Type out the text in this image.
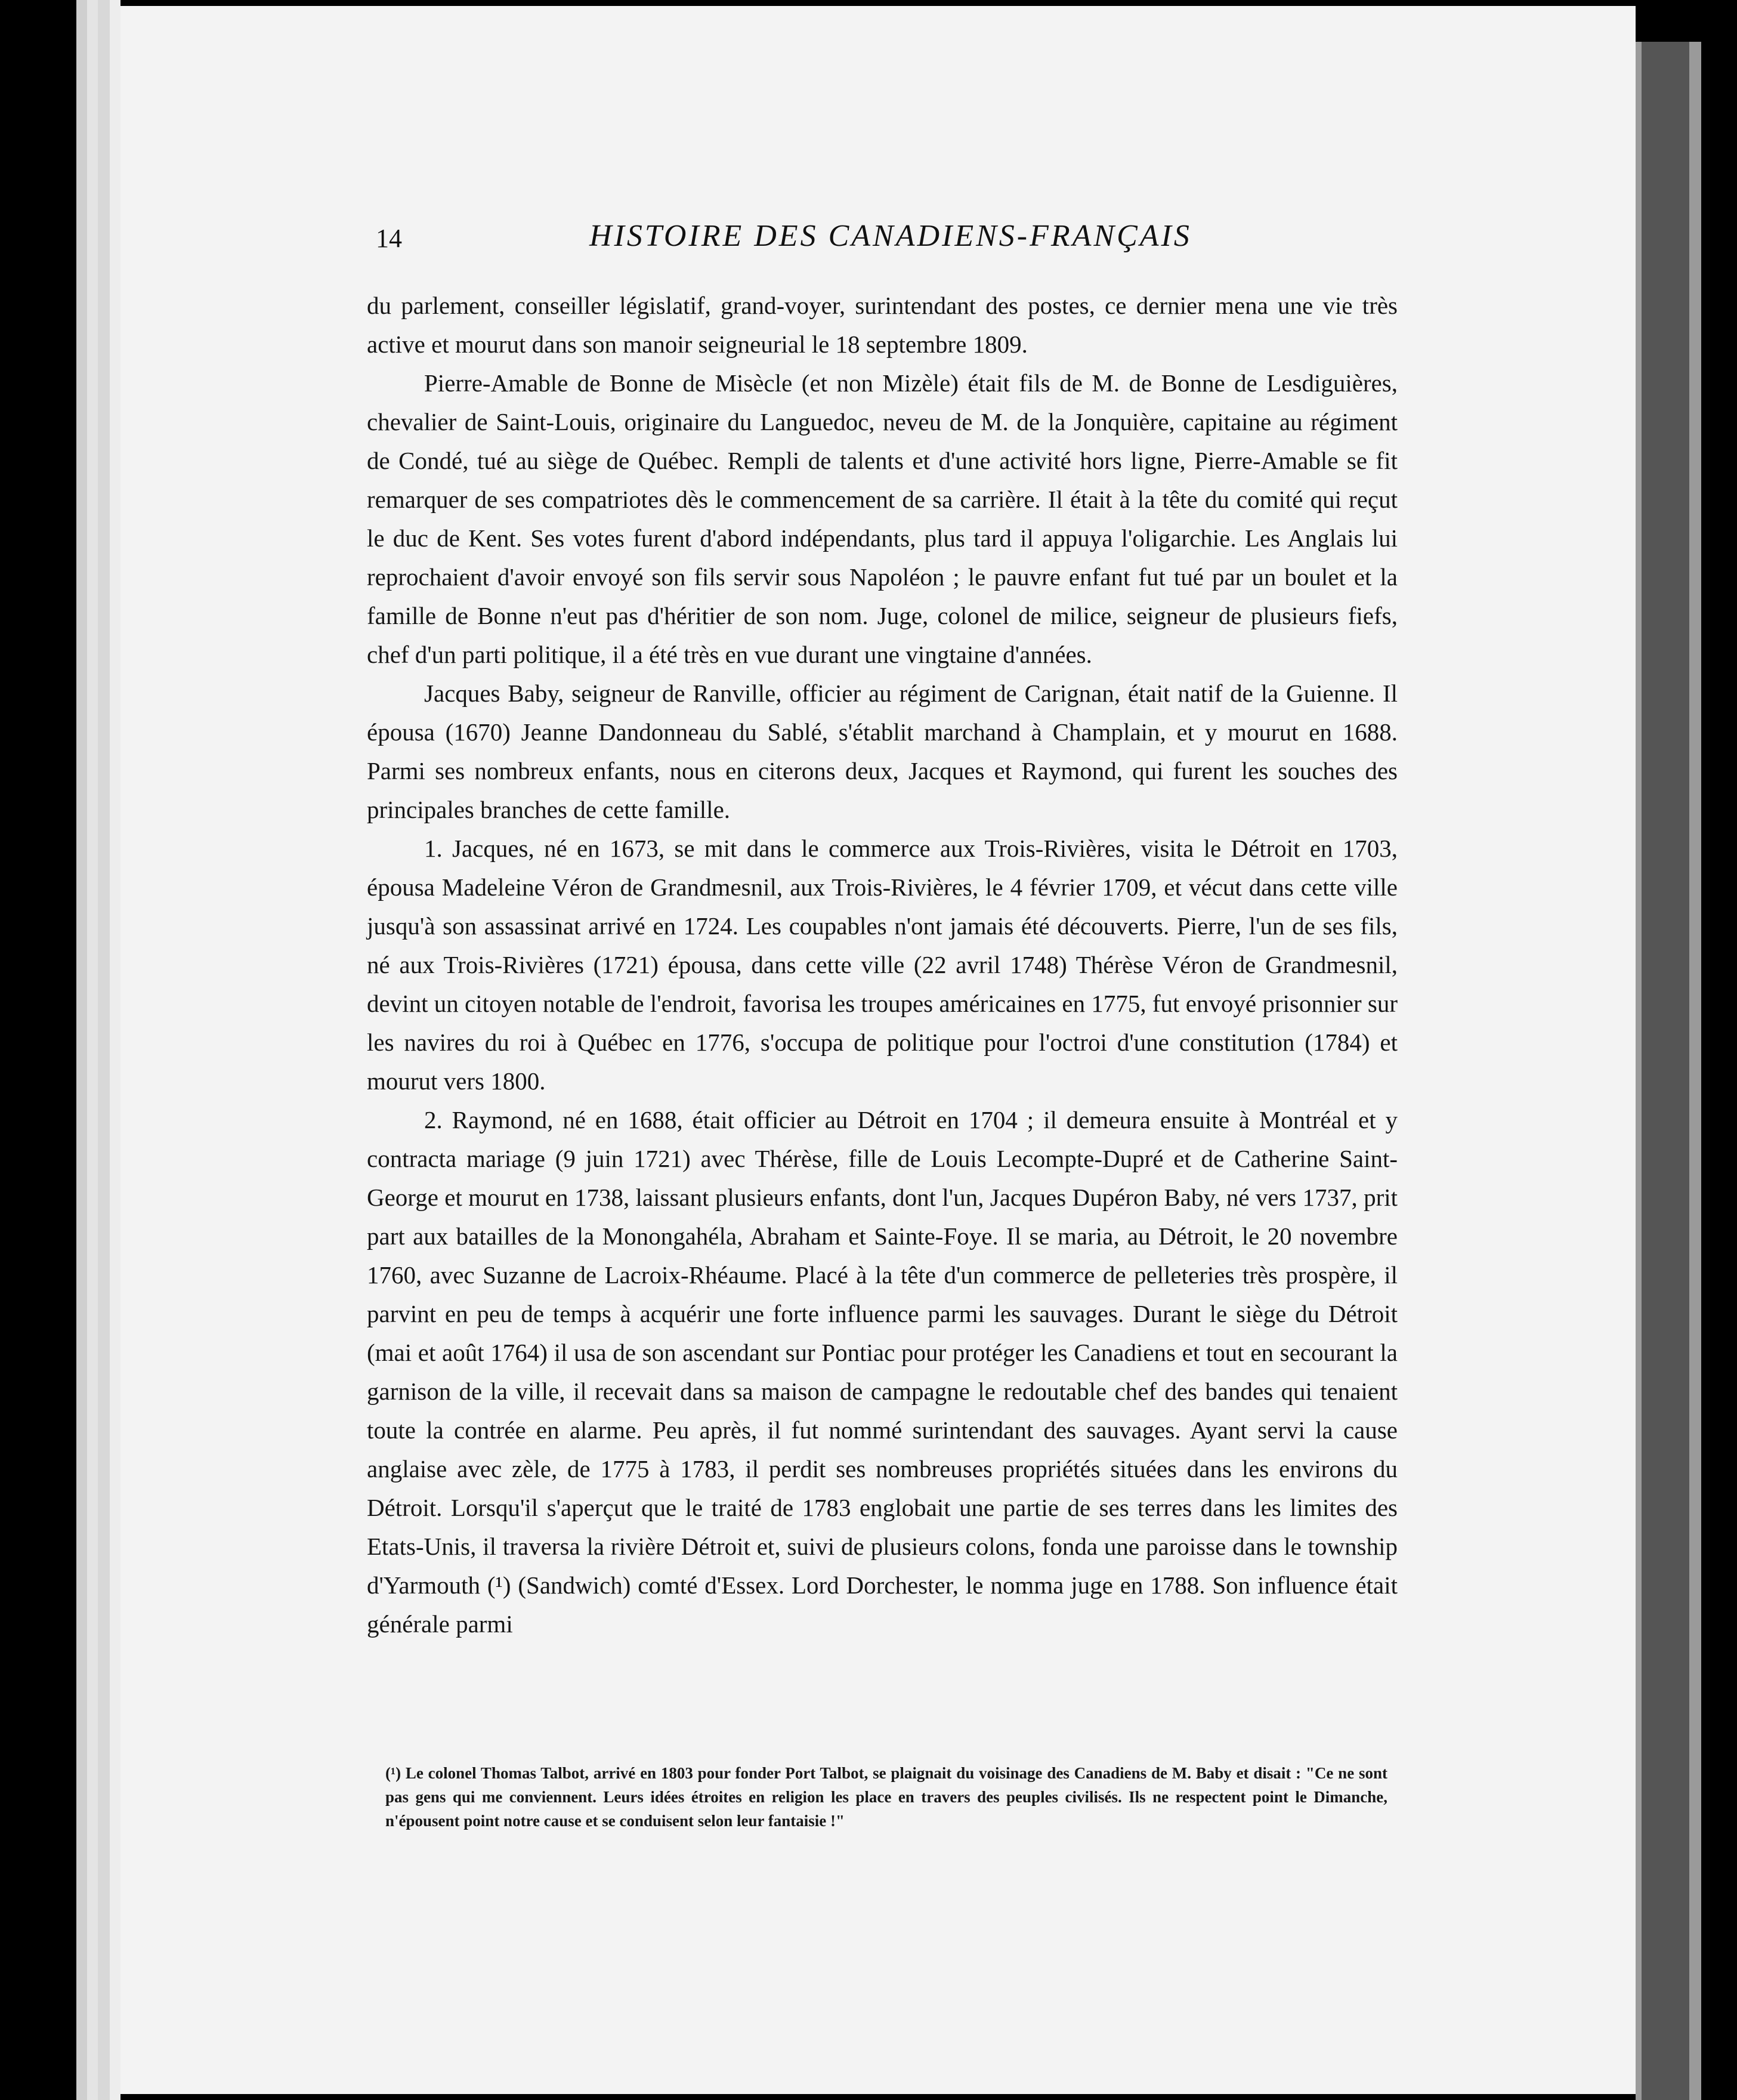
14	HISTOIRE DES CANADIENS-FRANÇAIS

du parlement, conseiller législatif, grand-voyer, surintendant des postes, ce dernier mena une vie très active et mourut dans son manoir seigneurial le 18 septembre 1809.

Pierre-Amable de Bonne de Misècle (et non Mizèle) était fils de M. de Bonne de Lesdiguières, chevalier de Saint-Louis, originaire du Languedoc, neveu de M. de la Jonquière, capitaine au régiment de Condé, tué au siège de Québec. Rempli de talents et d'une activité hors ligne, Pierre-Amable se fit remarquer de ses compatriotes dès le commencement de sa carrière. Il était à la tête du comité qui reçut le duc de Kent. Ses votes furent d'abord indépendants, plus tard il appuya l'oligarchie. Les Anglais lui reprochaient d'avoir envoyé son fils servir sous Napoléon ; le pauvre enfant fut tué par un boulet et la famille de Bonne n'eut pas d'héritier de son nom. Juge, colonel de milice, seigneur de plusieurs fiefs, chef d'un parti politique, il a été très en vue durant une vingtaine d'années.

Jacques Baby, seigneur de Ranville, officier au régiment de Carignan, était natif de la Guienne. Il épousa (1670) Jeanne Dandonneau du Sablé, s'établit marchand à Champlain, et y mourut en 1688. Parmi ses nombreux enfants, nous en citerons deux, Jacques et Raymond, qui furent les souches des principales branches de cette famille.

1. Jacques, né en 1673, se mit dans le commerce aux Trois-Rivières, visita le Détroit en 1703, épousa Madeleine Véron de Grandmesnil, aux Trois-Rivières, le 4 février 1709, et vécut dans cette ville jusqu'à son assassinat arrivé en 1724. Les coupables n'ont jamais été découverts. Pierre, l'un de ses fils, né aux Trois-Rivières (1721) épousa, dans cette ville (22 avril 1748) Thérèse Véron de Grandmesnil, devint un citoyen notable de l'endroit, favorisa les troupes américaines en 1775, fut envoyé prisonnier sur les navires du roi à Québec en 1776, s'occupa de politique pour l'octroi d'une constitution (1784) et mourut vers 1800.

2. Raymond, né en 1688, était officier au Détroit en 1704 ; il demeura ensuite à Montréal et y contracta mariage (9 juin 1721) avec Thérèse, fille de Louis Lecompte-Dupré et de Catherine Saint-George et mourut en 1738, laissant plusieurs enfants, dont l'un, Jacques Dupéron Baby, né vers 1737, prit part aux batailles de la Monongahéla, Abraham et Sainte-Foye. Il se maria, au Détroit, le 20 novembre 1760, avec Suzanne de Lacroix-Rhéaume. Placé à la tête d'un commerce de pelleteries très prospère, il parvint en peu de temps à acquérir une forte influence parmi les sauvages. Durant le siège du Détroit (mai et août 1764) il usa de son ascendant sur Pontiac pour protéger les Canadiens et tout en secourant la garnison de la ville, il recevait dans sa maison de campagne le redoutable chef des bandes qui tenaient toute la contrée en alarme. Peu après, il fut nommé surintendant des sauvages. Ayant servi la cause anglaise avec zèle, de 1775 à 1783, il perdit ses nombreuses propriétés situées dans les environs du Détroit. Lorsqu'il s'aperçut que le traité de 1783 englobait une partie de ses terres dans les limites des Etats-Unis, il traversa la rivière Détroit et, suivi de plusieurs colons, fonda une paroisse dans le township d'Yarmouth (¹) (Sandwich) comté d'Essex. Lord Dorchester, le nomma juge en 1788. Son influence était générale parmi

(¹) Le colonel Thomas Talbot, arrivé en 1803 pour fonder Port Talbot, se plaignait du voisinage des Canadiens de M. Baby et disait : "Ce ne sont pas gens qui me conviennent. Leurs idées étroites en religion les place en travers des peuples civilisés. Ils ne respectent point le Dimanche, n'épousent point notre cause et se conduisent selon leur fantaisie !"
